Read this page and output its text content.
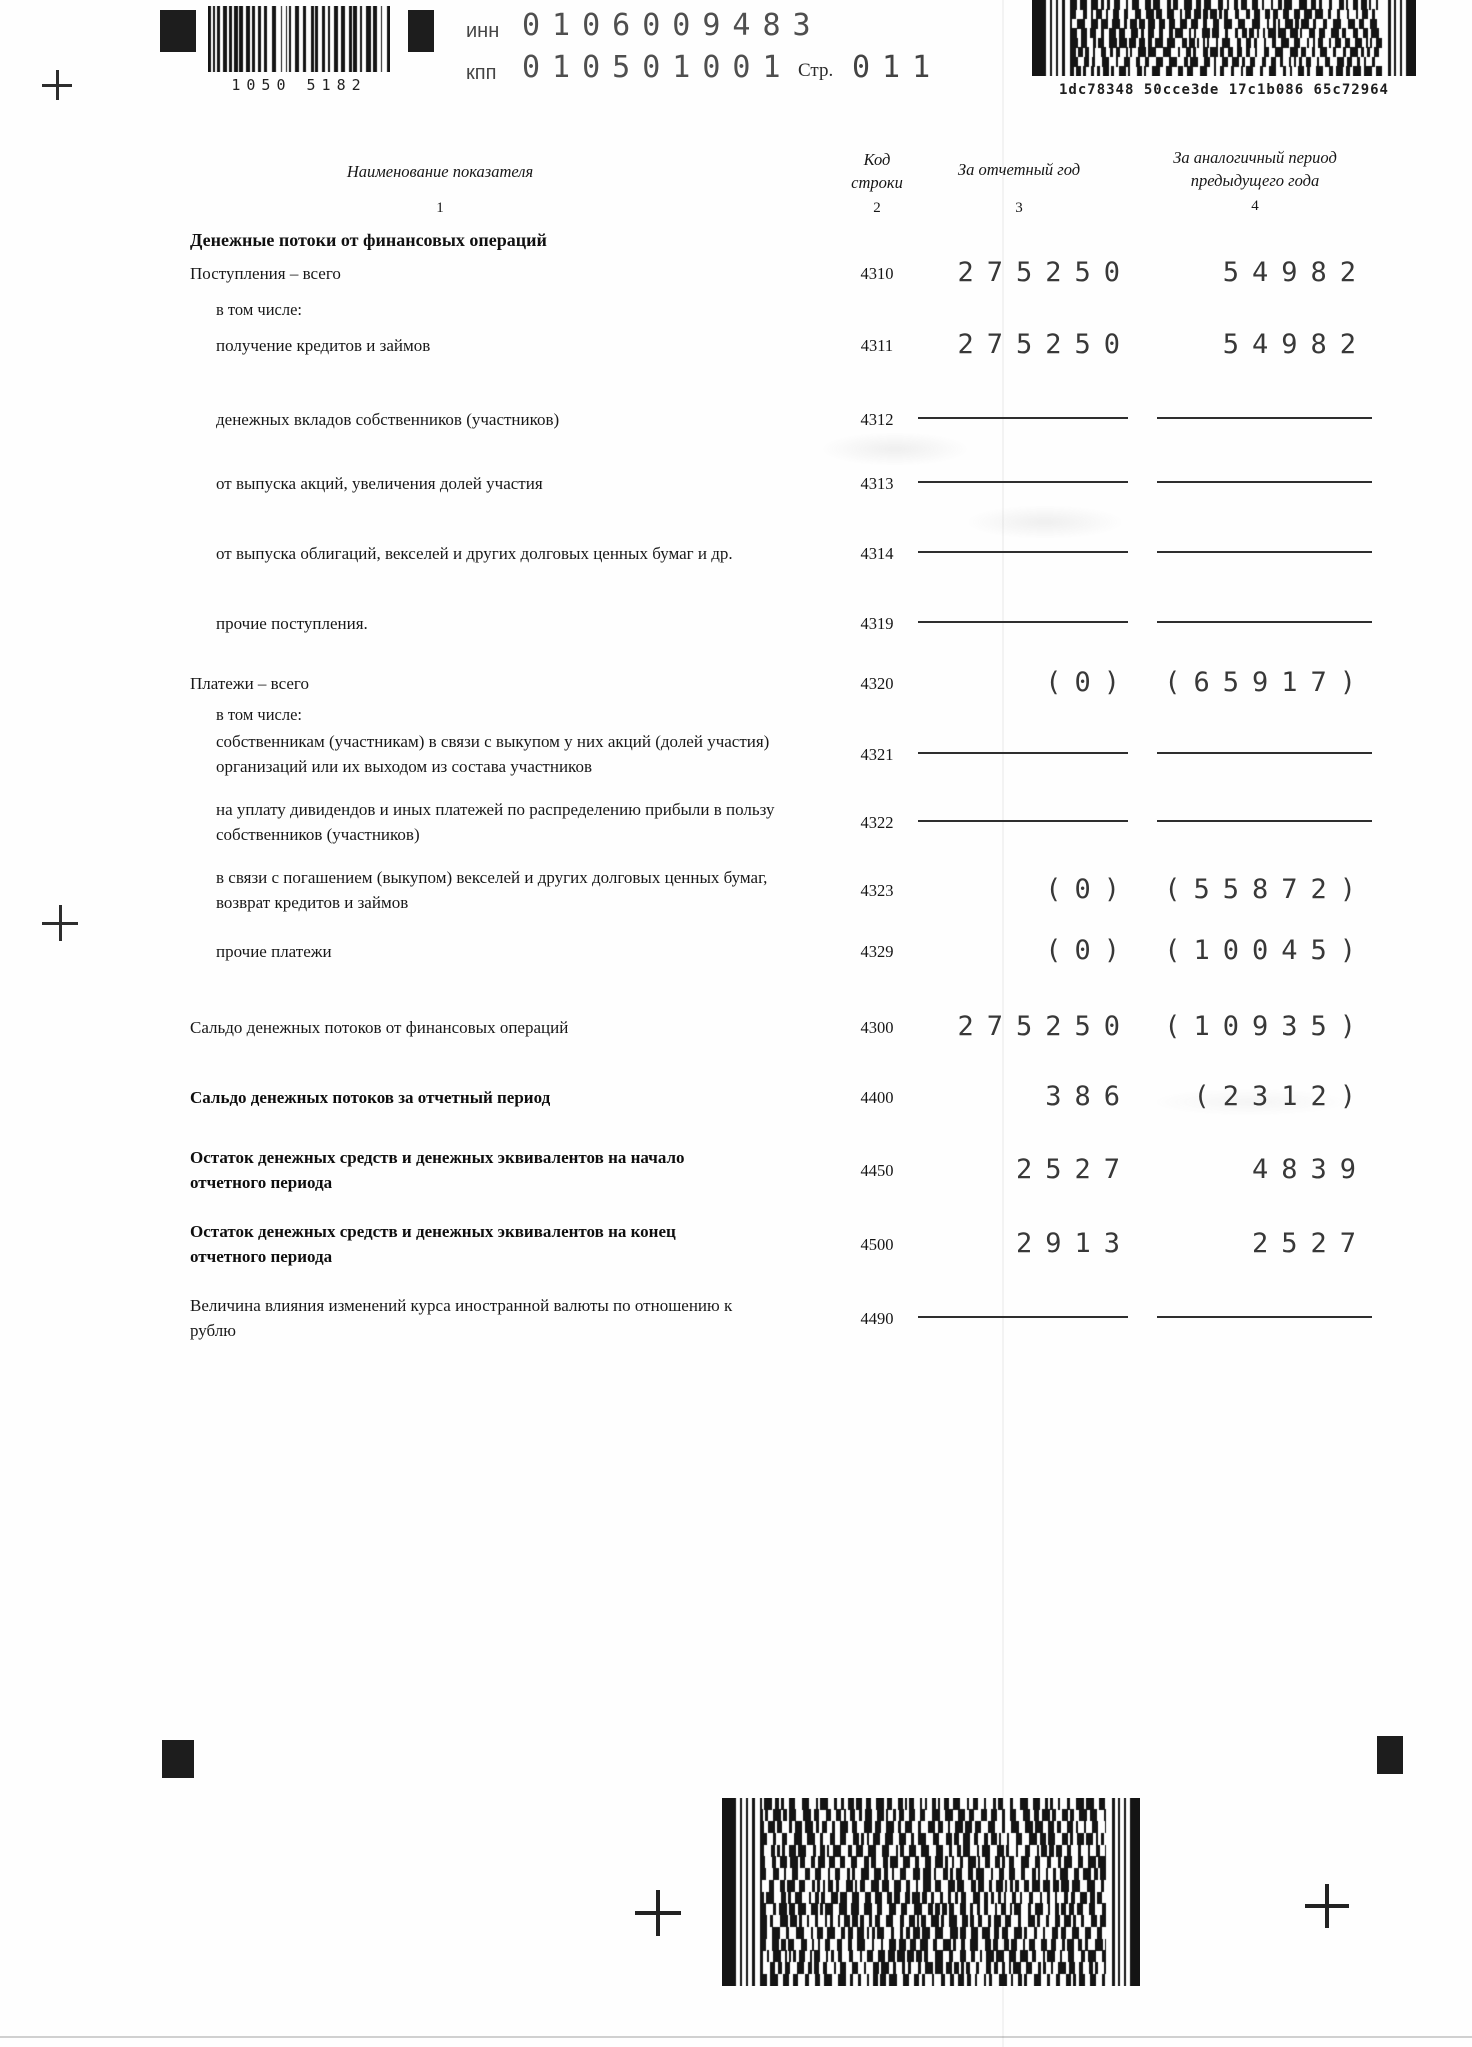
1050 5182
инн 0106009483
кпп 010501001 Стр. 011
1dc78348 50cce3de 17c1b086 65c72964
Наименование показателя
Код
строки
За отчетный год
За аналогичный период
предыдущего года
1	2	3	4
Денежные потоки от финансовых операций
Поступления – всего	4310	275250	54982
в том числе:
получение кредитов и займов	4311	275250	54982
денежных вкладов собственников (участников)	4312
от выпуска акций, увеличения долей участия	4313
от выпуска облигаций, векселей и других долговых ценных бумаг и др.	4314
прочие поступления.	4319
Платежи – всего	4320	(0)	(65917)
в том числе:
собственникам (участникам) в связи с выкупом у них акций (долей участия) организаций или их выходом из состава участников
4321
на уплату дивидендов и иных платежей по распределению прибыли в пользу собственников (участников)
4322
в связи с погашением (выкупом) векселей и других долговых ценных бумаг, возврат кредитов и займов
4323	(0)	(55872)
прочие платежи	4329	(0)	(10045)
Сальдо денежных потоков от финансовых операций	4300	275250	(10935)
Сальдо денежных потоков за отчетный период	4400	386	(2312)
Остаток денежных средств и денежных эквивалентов на начало отчетного периода
4450	2527	4839
Остаток денежных средств и денежных эквивалентов на конец отчетного периода
4500	2913	2527
Величина влияния изменений курса иностранной валюты по отношению к рублю
4490
